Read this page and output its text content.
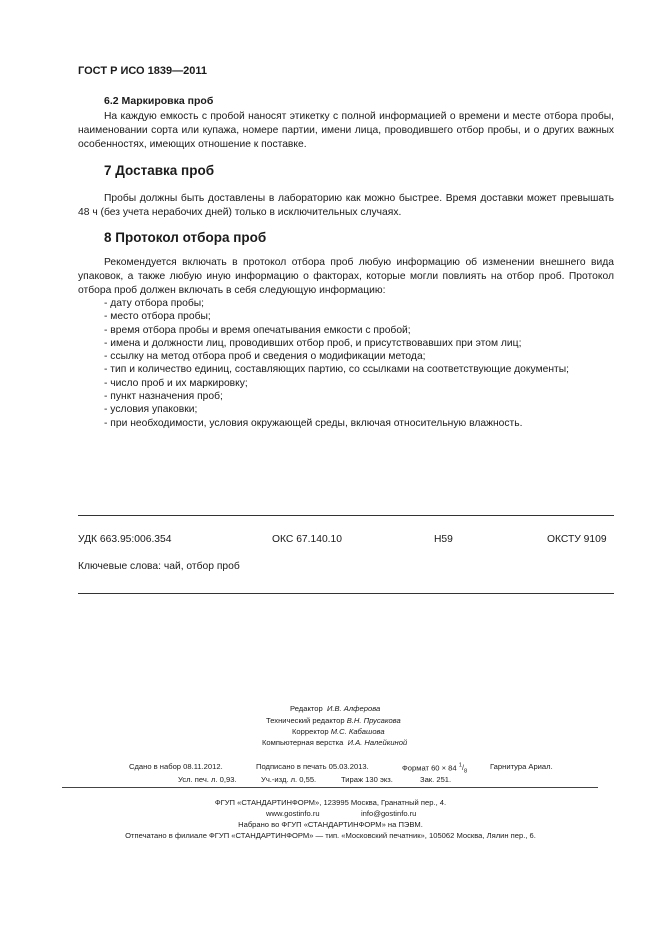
ГОСТ Р ИСО 1839—2011
6.2 Маркировка проб
На каждую емкость с пробой наносят этикетку с полной информацией о времени и месте отбора пробы, наименовании сорта или купажа, номере партии, имени лица, проводившего отбор пробы, и о других важных особенностях, имеющих отношение к поставке.
7 Доставка проб
Пробы должны быть доставлены в лабораторию как можно быстрее. Время доставки может превышать 48 ч (без учета нерабочих дней) только в исключительных случаях.
8 Протокол отбора проб
Рекомендуется включать в протокол отбора проб любую информацию об изменении внешнего вида упаковок, а также любую иную информацию о факторах, которые могли повлиять на отбор проб. Протокол отбора проб должен включать в себя следующую информацию:
- дату отбора пробы;
- место отбора пробы;
- время отбора пробы и время опечатывания емкости с пробой;
- имена и должности лиц, проводивших отбор проб, и присутствовавших при этом лиц;
- ссылку на метод отбора проб и сведения о модификации метода;
- тип и количество единиц, составляющих партию, со ссылками на соответствующие документы;
- число проб и их маркировку;
- пункт назначения проб;
- условия упаковки;
- при необходимости, условия окружающей среды, включая относительную влажность.
УДК 663.95:006.354	ОКС 67.140.10	Н59	ОКСТУ 9109
Ключевые слова: чай, отбор проб
Редактор И.В. Алферова
Технический редактор В.Н. Прусакова
Корректор М.С. Кабашова
Компьютерная верстка И.А. Налейкиной
Сдано в набор 08.11.2012.	Подписано в печать 05.03.2013.	Формат 60 × 84 $^1/_8$
Гарнитура Ариал.
Усл. печ. л. 0,93.	Уч.-изд. л. 0,55.	Тираж 130 экз.	Зак. 251.
ФГУП «СТАНДАРТИНФОРМ», 123995 Москва, Гранатный пер., 4.
www.gostinfo.ru	info@gostinfo.ru
Набрано во ФГУП «СТАНДАРТИНФОРМ» на ПЭВМ.
Отпечатано в филиале ФГУП «СТАНДАРТИНФОРМ» — тип. «Московский печатник», 105062 Москва, Лялин пер., 6.
